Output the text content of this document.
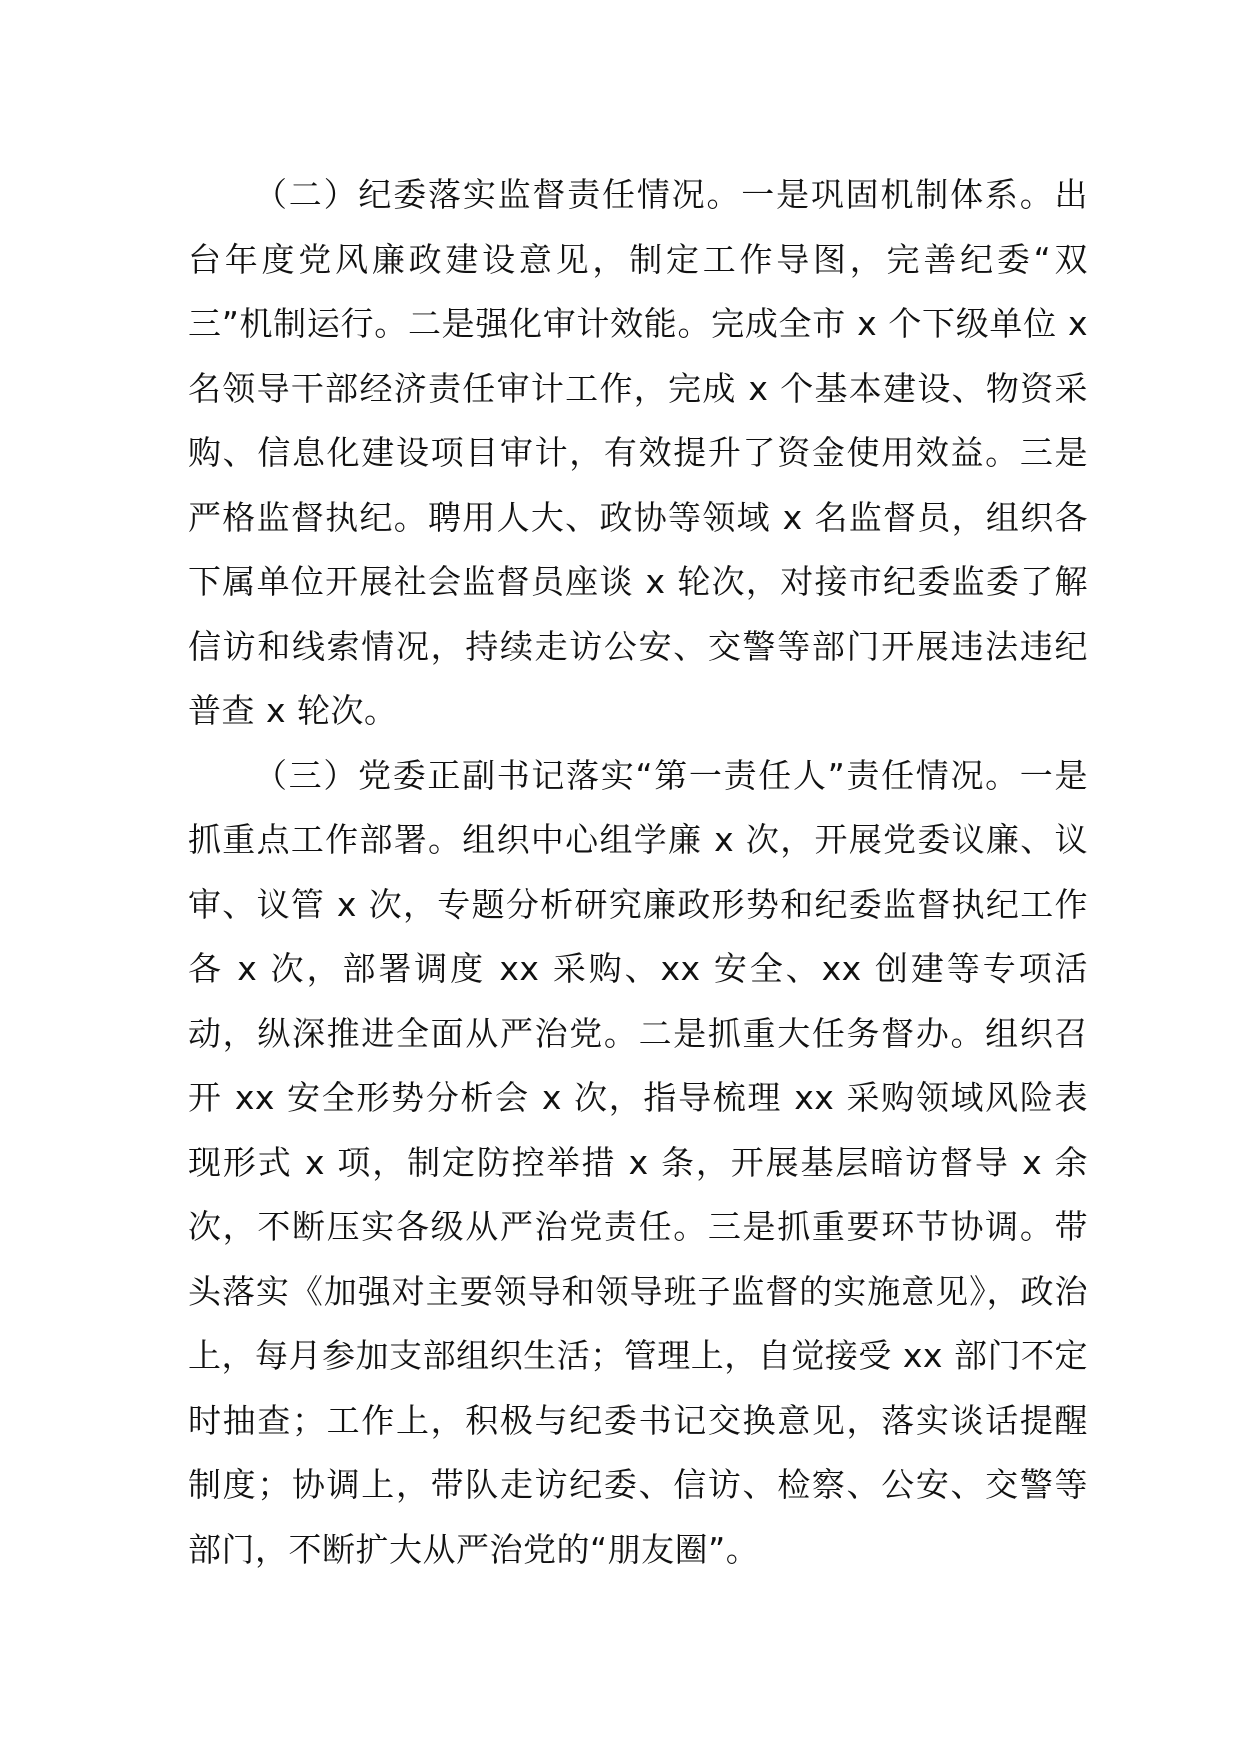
（二）纪委落实监督责任情况。一是巩固机制体系。出台年度党风廉政建设意见，制定工作导图，完善纪委“双三”机制运行。二是强化审计效能。完成全市 x 个下级单位 x 名领导干部经济责任审计工作，完成 x 个基本建设、物资采购、信息化建设项目审计，有效提升了资金使用效益。三是严格监督执纪。聘用人大、政协等领域 x 名监督员，组织各下属单位开展社会监督员座谈 x 轮次，对接市纪委监委了解信访和线索情况，持续走访公安、交警等部门开展违法违纪普查 x 轮次。

（三）党委正副书记落实“第一责任人”责任情况。一是抓重点工作部署。组织中心组学廉 x 次，开展党委议廉、议审、议管 x 次，专题分析研究廉政形势和纪委监督执纪工作各 x 次，部署调度 xx 采购、xx 安全、xx 创建等专项活动，纵深推进全面从严治党。二是抓重大任务督办。组织召开 xx 安全形势分析会 x 次，指导梳理 xx 采购领域风险表现形式 x 项，制定防控举措 x 条，开展基层暗访督导 x 余次，不断压实各级从严治党责任。三是抓重要环节协调。带头落实《加强对主要领导和领导班子监督的实施意见》，政治上，每月参加支部组织生活；管理上，自觉接受 xx 部门不定时抽查；工作上，积极与纪委书记交换意见，落实谈话提醒制度；协调上，带队走访纪委、信访、检察、公安、交警等部门，不断扩大从严治党的“朋友圈”。
